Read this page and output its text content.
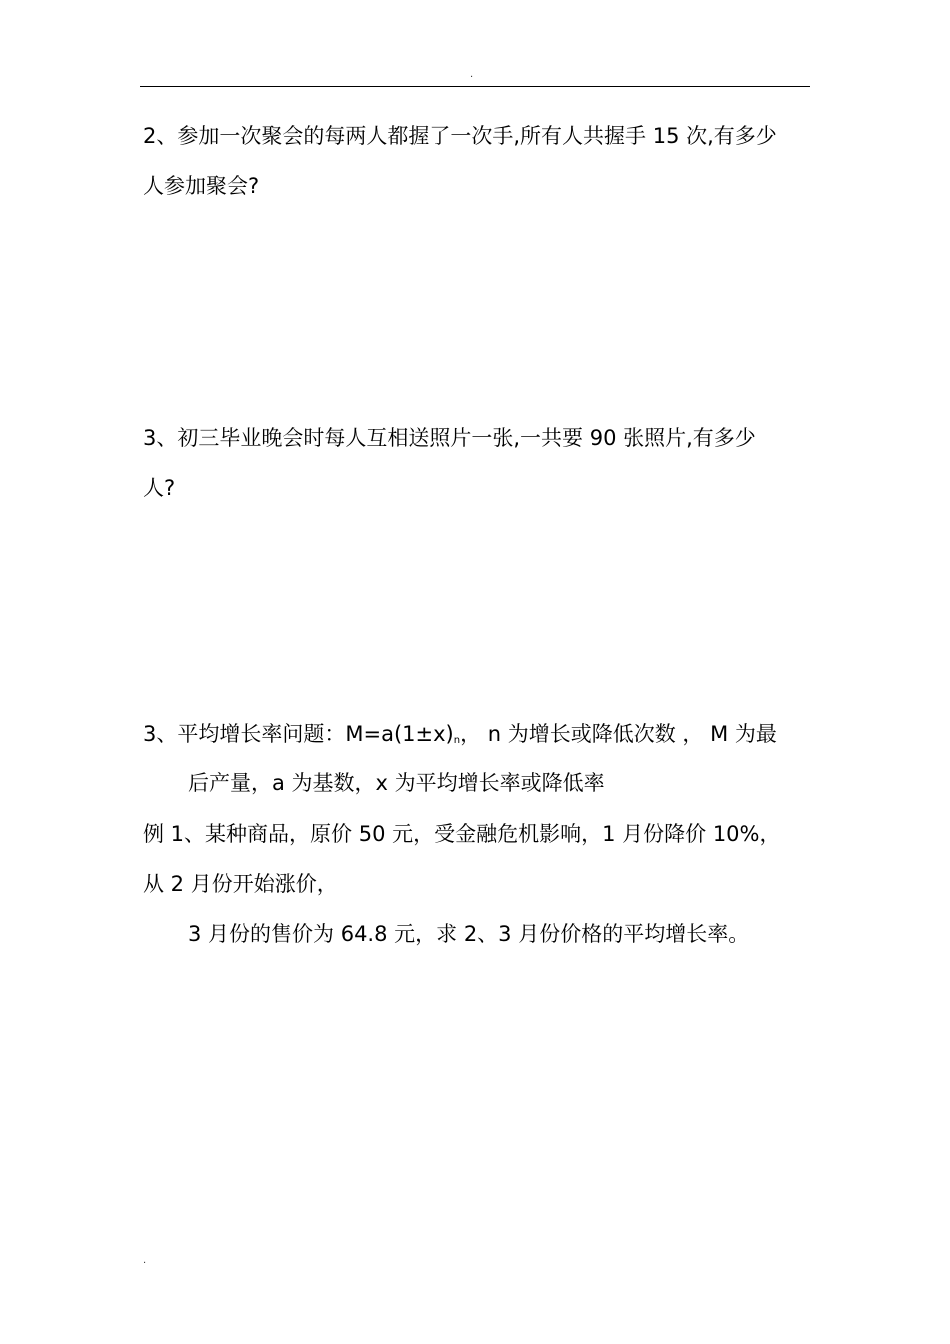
.
2、参加一次聚会的每两人都握了一次手,所有人共握手 15 次,有多少
人参加聚会?
3、初三毕业晚会时每人互相送照片一张,一共要 90 张照片,有多少
人?
3、平均增长率问题：$M=a(1\pm x)_n$， n 为增长或降低次数 ， M 为最
后产量，a 为基数，x 为平均增长率或降低率
例 1、某种商品，原价 50 元，受金融危机影响，1 月份降价 10%，
从 2 月份开始涨价，
3 月份的售价为 64.8 元，求 2、3 月份价格的平均增长率。
.
